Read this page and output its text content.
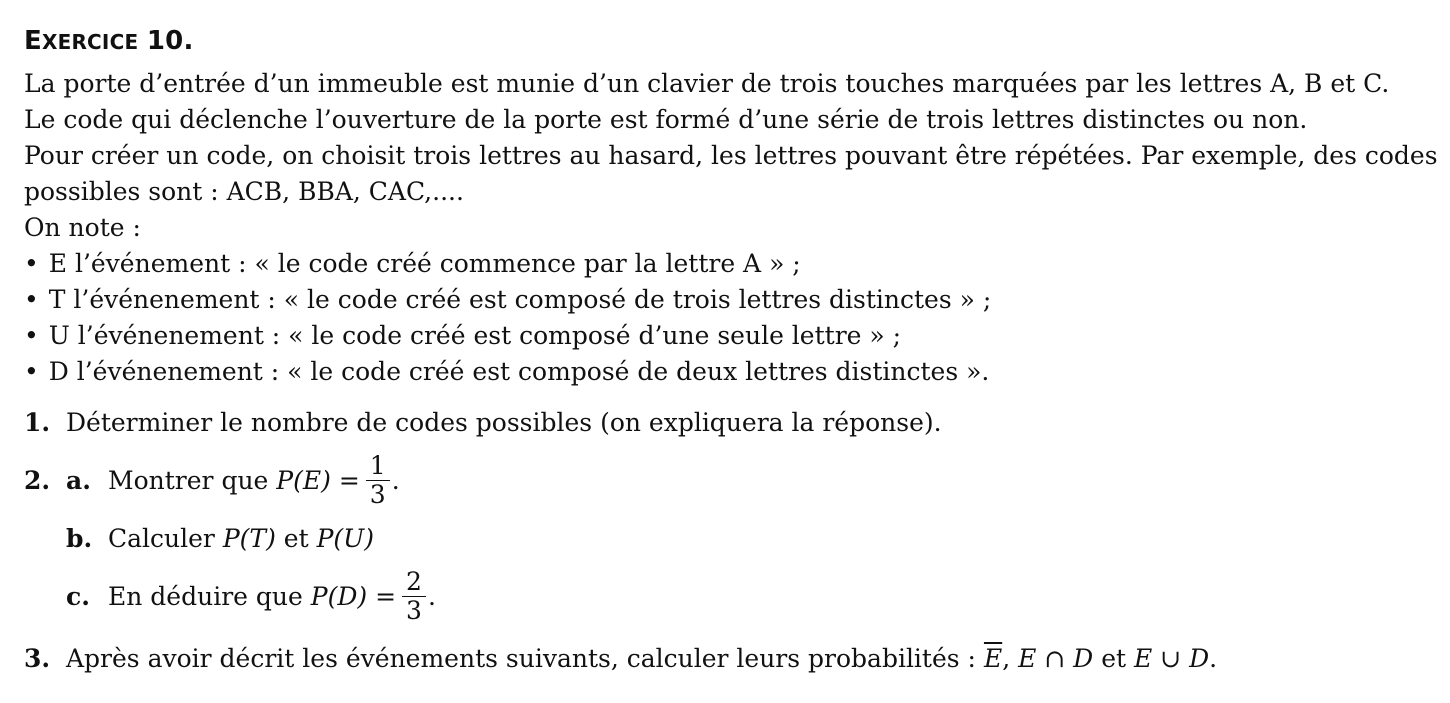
EXERCICE 10.
La porte d’entrée d’un immeuble est munie d’un clavier de trois touches marquées par les lettres A, B et C.
Le code qui déclenche l’ouverture de la porte est formé d’une série de trois lettres distinctes ou non.
Pour créer un code, on choisit trois lettres au hasard, les lettres pouvant être répétées. Par exemple, des codes
possibles sont : ACB, BBA, CAC,....
On note :
• E l’événement : « le code créé commence par la lettre A » ;
• T l’événenement : « le code créé est composé de trois lettres distinctes » ;
• U l’événenement : « le code créé est composé d’une seule lettre » ;
• D l’événenement : « le code créé est composé de deux lettres distinctes ».
1. Déterminer le nombre de codes possibles (on expliquera la réponse).
2. a. Montrer que
$P(E) = \frac{1}{3}$ .
b. Calculer
P(T)
et
P(U)
c. En déduire que
$P(D) = \frac{2}{3}$ .
3. Après avoir décrit les événements suivants, calculer leurs probabilités :
$\overline{E}$ ,
E ∩ D
et
E ∪ D .
